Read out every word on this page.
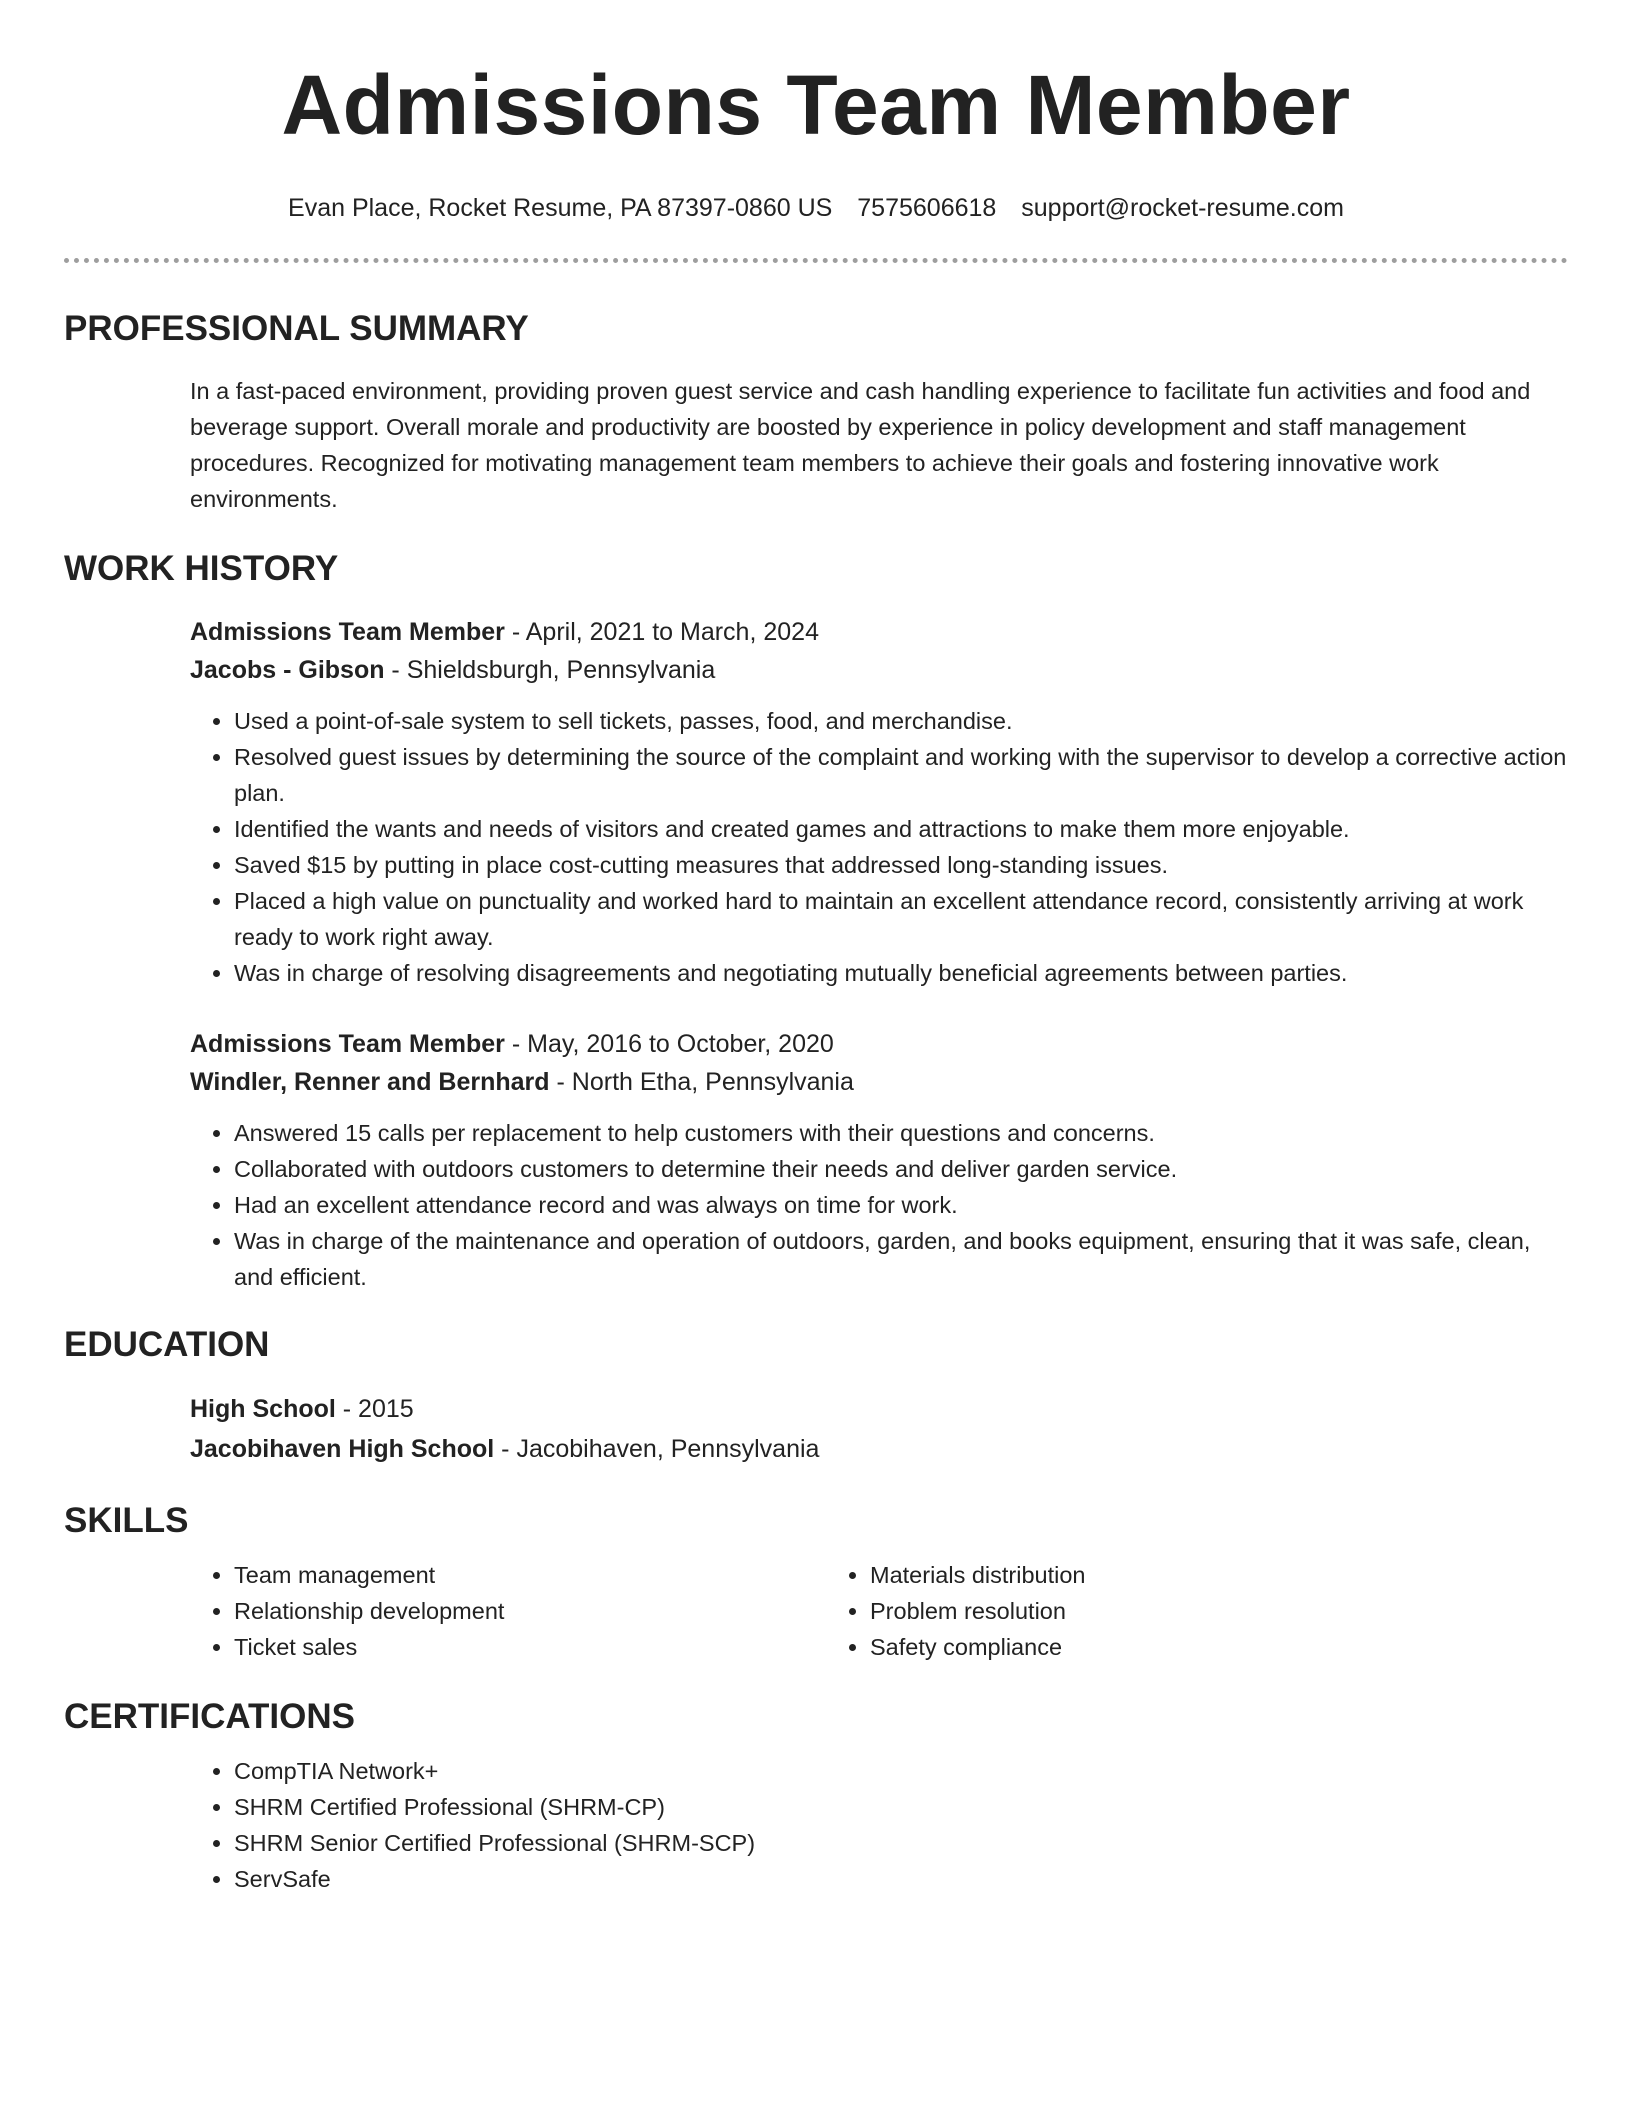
Admissions Team Member
Evan Place, Rocket Resume, PA 87397-0860 US 7575606618 support@rocket-resume.com
PROFESSIONAL SUMMARY

In a fast-paced environment, providing proven guest service and cash handling experience to facilitate fun activities and food and beverage support. Overall morale and productivity are boosted by experience in policy development and staff management procedures. Recognized for motivating management team members to achieve their goals and fostering innovative work environments.

WORK HISTORY
Admissions Team Member - April, 2021 to March, 2024
Jacobs - Gibson - Shieldsburgh, Pennsylvania
• Used a point-of-sale system to sell tickets, passes, food, and merchandise.
• Resolved guest issues by determining the source of the complaint and working with the supervisor to develop a corrective action plan.
• Identified the wants and needs of visitors and created games and attractions to make them more enjoyable.
• Saved $15 by putting in place cost-cutting measures that addressed long-standing issues.
• Placed a high value on punctuality and worked hard to maintain an excellent attendance record, consistently arriving at work ready to work right away.
• Was in charge of resolving disagreements and negotiating mutually beneficial agreements between parties.
Admissions Team Member - May, 2016 to October, 2020
Windler, Renner and Bernhard - North Etha, Pennsylvania
• Answered 15 calls per replacement to help customers with their questions and concerns.
• Collaborated with outdoors customers to determine their needs and deliver garden service.
• Had an excellent attendance record and was always on time for work.
• Was in charge of the maintenance and operation of outdoors, garden, and books equipment, ensuring that it was safe, clean, and efficient.
EDUCATION
High School - 2015
Jacobihaven High School - Jacobihaven, Pennsylvania
SKILLS
• Team management
• Relationship development
• Ticket sales
• Materials distribution
• Problem resolution
• Safety compliance
CERTIFICATIONS
• CompTIA Network+
• SHRM Certified Professional (SHRM-CP)
• SHRM Senior Certified Professional (SHRM-SCP)
• ServSafe
